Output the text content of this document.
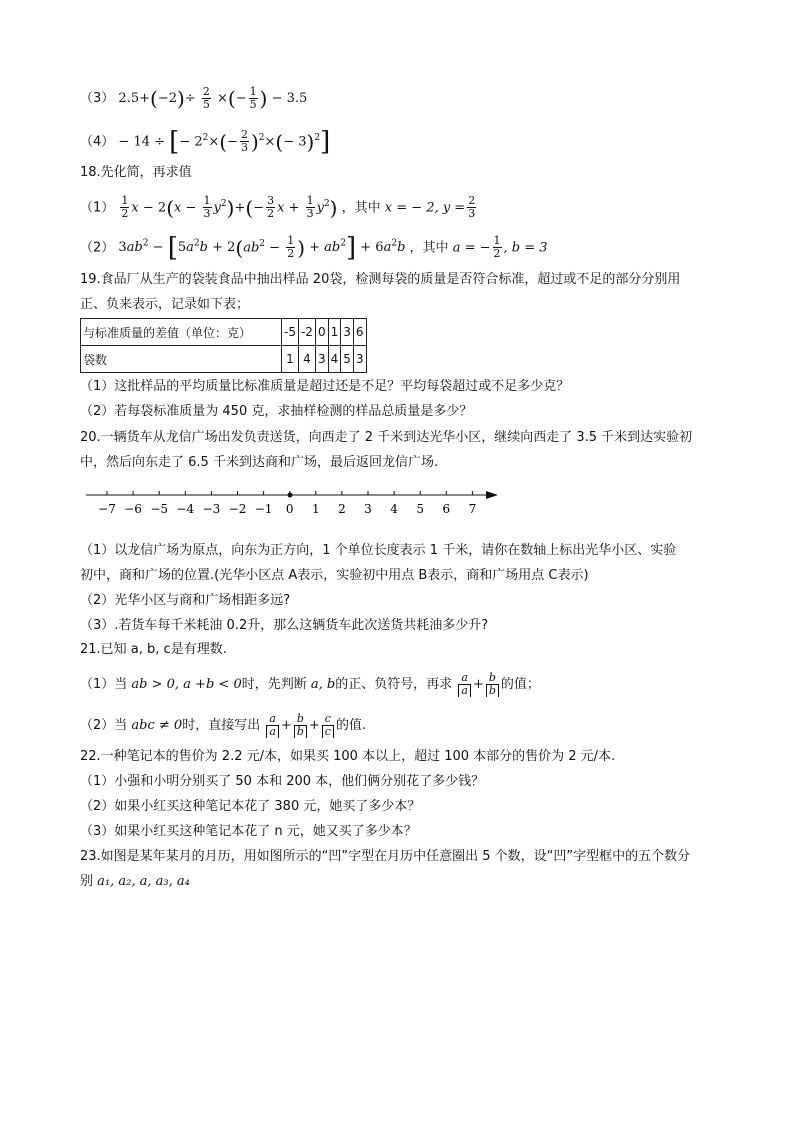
（3） $2.5+(-2)\div \frac{2}{5}$ ×(− $\frac{1}{5}$ ) − 3.5
（4） − 14 ÷ [− $2^2\times(- \frac{2}{3} )^2\times(- 3)^2$]
18.先化简，再求值
$(1) \frac{1}{2}$ $x - 2(x - \frac{1}{3} y^2)+(- \frac{3}{2}$ $x + \frac{1}{3} y^2$) ，其中 x = − 2, $y = \frac{2}{3}$
（2） $3ab^2 - [5a^2b + 2(ab^2 - \frac{1}{2}$ ) + $ab^2] + 6a^2b$ ，其中 a = − $\frac{1}{2}$ , b = 3
19.食品厂从生产的袋装食品中抽出样品 20袋，检测每袋的质量是否符合标准，超过或不足的部分分别用
正、负来表示，记录如下表；
与标准质量的差值（单位：克）	-5	-2	0	1	3	6
袋数	1	4	3	4	5	3
（1）这批样品的平均质量比标准质量是超过还是不足？平均每袋超过或不足多少克？
（2）若每袋标准质量为 450 克，求抽样检测的样品总质量是多少？
20.一辆货车从龙信广场出发负责送货，向西走了 2 千米到达光华小区，继续向西走了 3.5 千米到达实验初
中，然后向东走了 6.5 千米到达商和广场，最后返回龙信广场.
−7 −6 −5 −4 −3 −2 −1 0 1 2 3 4 5 6 7
（1）以龙信广场为原点，向东为正方向，1 个单位长度表示 1 千米，请你在数轴上标出光华小区、实验
初中，商和广场的位置.(光华小区点 A表示，实验初中用点 B表示，商和广场用点 C表示)
（2）光华小区与商和广场相距多远?
（3）.若货车每千米耗油 0.2升，那么这辆货车此次送货共耗油多少升?
21.已知 a, b, c是有理数.
（1）当 ab > 0, a +b < 0时，先判断 a, b的正、负符号，再求 $\frac{a}{a} + \frac{b}{b}$ 的值；
（2）当 abc ≠ 0时，直接写出 $\frac{a}{a} + \frac{b}{b} + \frac{c}{c}$ 的值.
22.一种笔记本的售价为 2.2 元/本，如果买 100 本以上，超过 100 本部分的售价为 2 元/本.
（1）小强和小明分别买了 50 本和 200 本，他们俩分别花了多少钱？
（2）如果小红买这种笔记本花了 380 元，她买了多少本？
（3）如果小红买这种笔记本花了 n 元，她又买了多少本？
23.如图是某年某月的月历，用如图所示的“凹”字型在月历中任意圈出 5 个数，设“凹”字型框中的五个数分
别 a₁, a₂, a, a₃, a₄
